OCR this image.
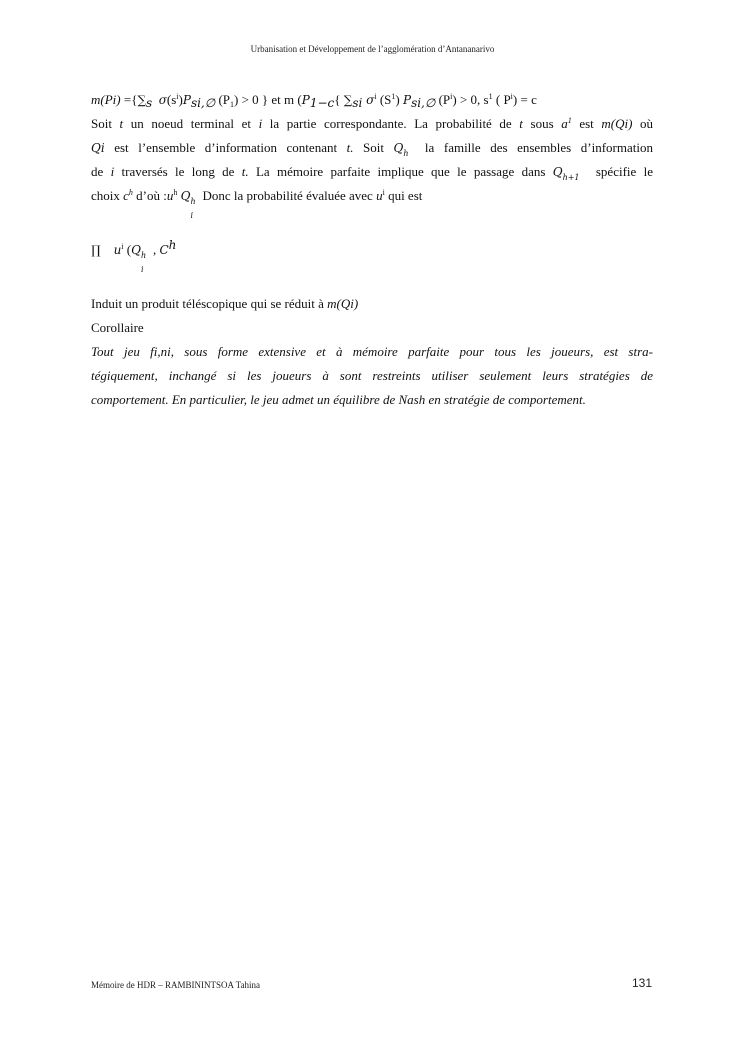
Urbanisation et Développement de l’agglomération d’Antananarivo
$m(Pi) =\{\sum_s$ $\sigma(s^i)P_{si,\emptyset}$ $(P_1) > 0$ } et m ($P_{1-c}${ $\sum_{si}$ $\sigma^i$ $(S^1)$ $P_{si,\emptyset}$ $(P^i) > 0$, $s^1$ ( $P^i) = c$
Soit t un noeud terminal et i la partie correspondante. La probabilité de t sous $a^1$ est m(Qi) où
Qi est l’ensemble d’information contenant t. Soit Q h la famille des ensembles d’information
de i traversés le long de t. La mémoire parfaite implique que le passage dans Q h+1 spécifie le
choix $c^h$ d’où $:u^h$ Q h
i
Donc la probabilité évaluée avec $u^i$ qui est
∏ $u^i$ (Q h
i
, $C^h$
Induit un produit téléscopique qui se réduit à m(Qi)
Corollaire
Tout jeu fi,ni, sous forme extensive et à mémoire parfaite pour tous les joueurs, est stra-
tégiquement, inchangé si les joueurs à sont restreints utiliser seulement leurs stratégies de
comportement. En particulier, le jeu admet un équilibre de Nash en stratégie de comportement.
Mémoire de HDR – RAMBININTSOA Tahina	131
